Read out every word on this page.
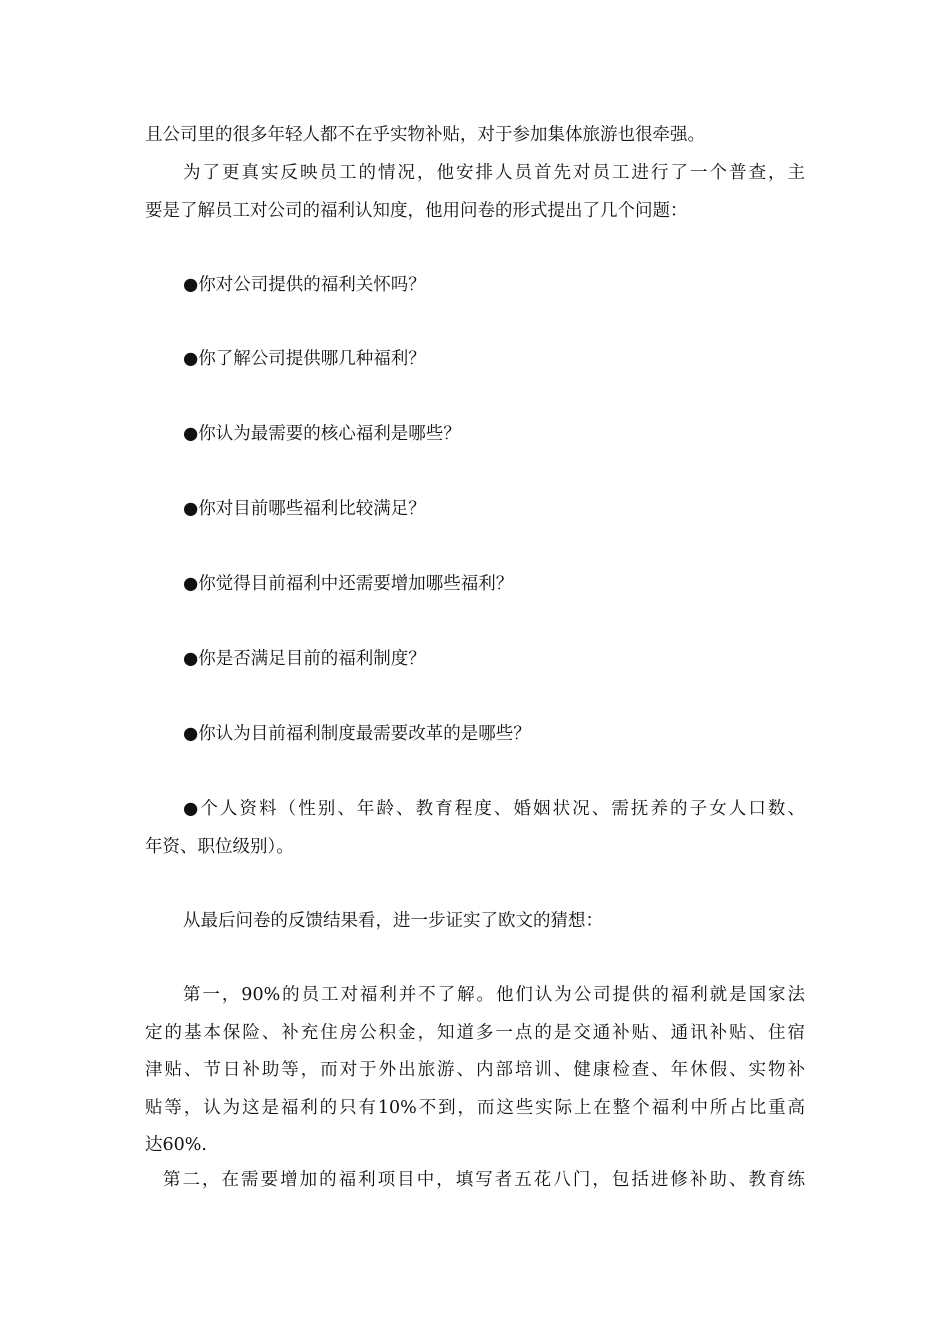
且公司里的很多年轻人都不在乎实物补贴，对于参加集体旅游也很牵强。
为了更真实反映员工的情况，他安排人员首先对员工进行了一个普查，主
要是了解员工对公司的福利认知度，他用问卷的形式提出了几个问题：
●你对公司提供的福利关怀吗？
●你了解公司提供哪几种福利？
●你认为最需要的核心福利是哪些？
●你对目前哪些福利比较满足？
●你觉得目前福利中还需要增加哪些福利？
●你是否满足目前的福利制度？
●你认为目前福利制度最需要改革的是哪些？
●个人资料（性别、年龄、教育程度、婚姻状况、需抚养的子女人口数、
年资、职位级别）。
从最后问卷的反馈结果看，进一步证实了欧文的猜想：
第一，90%的员工对福利并不了解。他们认为公司提供的福利就是国家法
定的基本保险、补充住房公积金，知道多一点的是交通补贴、通讯补贴、住宿
津贴、节日补助等，而对于外出旅游、内部培训、健康检查、年休假、实物补
贴等，认为这是福利的只有10%不到，而这些实际上在整个福利中所占比重高
达60%.
第二，在需要增加的福利项目中，填写者五花八门，包括进修补助、教育练
